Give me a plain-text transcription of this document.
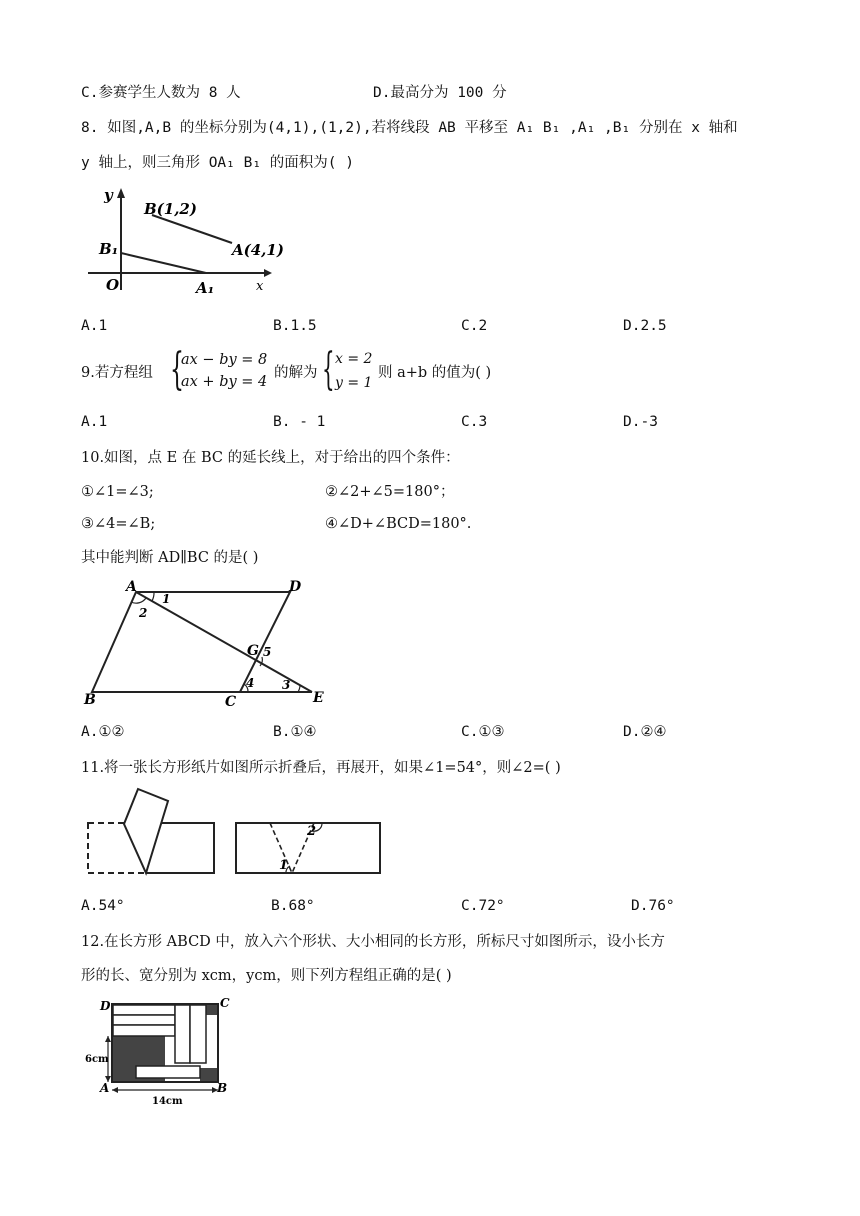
C.参赛学生人数为 8 人	D.最高分为 100 分
8. 如图,A,B 的坐标分别为(4,1),(1,2),若将线段 AB 平移至 A₁ B₁ ,A₁ ,B₁ 分别在 x 轴和
y 轴上，则三角形 OA₁ B₁ 的面积为( )
y
x
O
B(1,2)
A(4,1)
B₁
A₁
A.1	B.1.5	C.2	D.2.5
9.若方程组 {
ax − by = 8
ax + by = 4
的解为 { x = 2
y = 1
则 a+b 的值为( )
A.1	B. - 1	C.3	D.-3
10.如图，点 E 在 BC 的延长线上，对于给出的四个条件：
①∠1=∠3;	②∠2+∠5=180°；
③∠4=∠B;	④∠D+∠BCD=180°.
其中能判断 AD∥BC 的是( )
A	D
B	C	E
G
1
2
3
4
5
A.①②	B.①④	C.①③	D.②④
11.将一张长方形纸片如图所示折叠后，再展开，如果∠1=54°，则∠2=( )
1
2
A.54°	B.68°	C.72°	D.76°
12.在长方形 ABCD 中，放入六个形状、大小相同的长方形，所标尺寸如图所示，设小长方
形的长、宽分别为 xcm，ycm，则下列方程组正确的是( )
D	C
A	B
6cm
14cm
